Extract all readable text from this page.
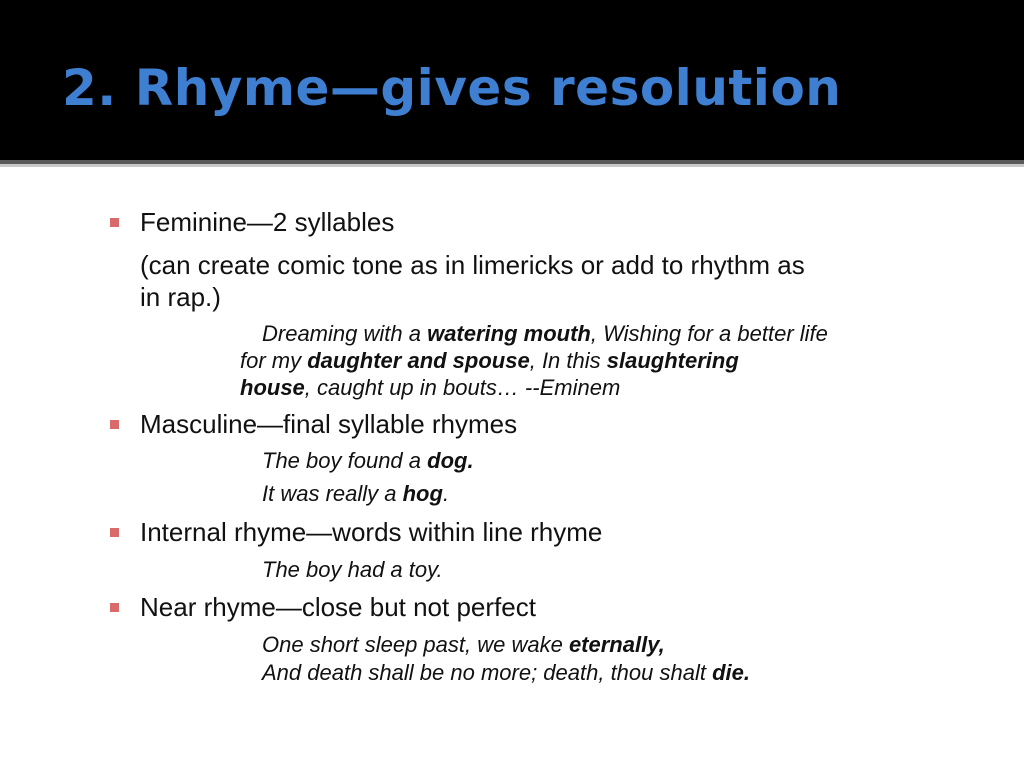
2. Rhyme—gives resolution

Feminine—2 syllables

(can create comic tone as in limericks or add to rhythm as

in rap.)

Dreaming with a watering mouth, Wishing for a better life

for my daughter and spouse, In this slaughtering

house, caught up in bouts… --Eminem

Masculine—final syllable rhymes

The boy found a dog.

It was really a hog.

Internal rhyme—words within line rhyme

The boy had a toy.

Near rhyme—close but not perfect

One short sleep past, we wake eternally,

And death shall be no more; death, thou shalt die.
